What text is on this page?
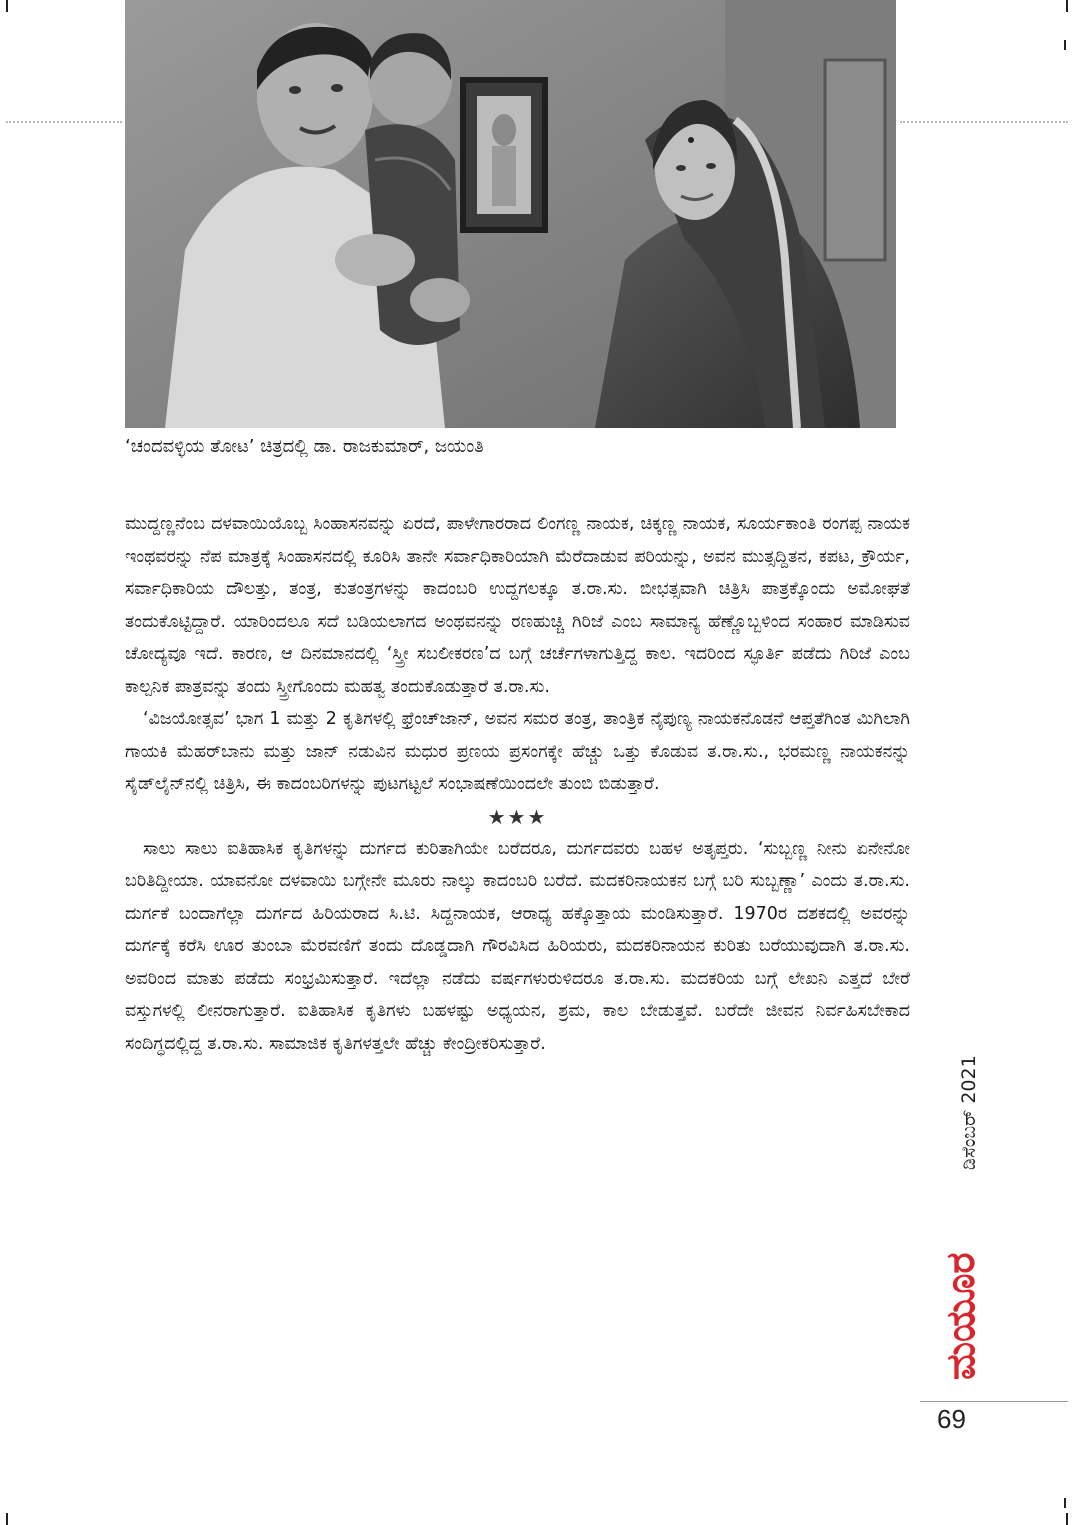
‘ಚಂದವಳ್ಳಿಯ ತೋಟ’ ಚಿತ್ರದಲ್ಲಿ ಡಾ. ರಾಜಕುಮಾರ್, ಜಯಂತಿ

ಮುದ್ದಣ್ಣನೆಂಬ ದಳವಾಯಿಯೊಬ್ಬ ಸಿಂಹಾಸನವನ್ನು ಏರದೆ, ಪಾಳೇಗಾರರಾದ ಲಿಂಗಣ್ಣ ನಾಯಕ, ಚಿಕ್ಕಣ್ಣ ನಾಯಕ, ಸೂರ್ಯಕಾಂತಿ ರಂಗಪ್ಪ ನಾಯಕ ಇಂಥವರನ್ನು ನೆಪ ಮಾತ್ರಕ್ಕೆ ಸಿಂಹಾಸನದಲ್ಲಿ ಕೂರಿಸಿ ತಾನೇ ಸರ್ವಾಧಿಕಾರಿಯಾಗಿ ಮೆರೆದಾಡುವ ಪರಿಯನ್ನು, ಅವನ ಮುತ್ಸದ್ದಿತನ, ಕಪಟ, ಕ್ರೌರ್ಯ, ಸರ್ವಾಧಿಕಾರಿಯ ದೌಲತ್ತು, ತಂತ್ರ, ಕುತಂತ್ರಗಳನ್ನು ಕಾದಂಬರಿ ಉದ್ದಗಲಕ್ಕೂ ತ.ರಾ.ಸು. ಬೀಭತ್ಸವಾಗಿ ಚಿತ್ರಿಸಿ ಪಾತ್ರಕ್ಕೊಂದು ಅಮೋಘತೆ ತಂದುಕೊಟ್ಟಿದ್ದಾರೆ. ಯಾರಿಂದಲೂ ಸದೆ ಬಡಿಯಲಾಗದ ಅಂಥವನನ್ನು ರಣಹುಚ್ಚಿ ಗಿರಿಜೆ ಎಂಬ ಸಾಮಾನ್ಯ ಹೆಣ್ಣೊಬ್ಬಳಿಂದ ಸಂಹಾರ ಮಾಡಿಸುವ ಚೋದ್ಯವೂ ಇದೆ. ಕಾರಣ, ಆ ದಿನಮಾನದಲ್ಲಿ ‘ಸ್ತ್ರೀ ಸಬಲೀಕರಣ’ದ ಬಗ್ಗೆ ಚರ್ಚೆಗಳಾಗುತ್ತಿದ್ದ ಕಾಲ. ಇದರಿಂದ ಸ್ಫೂರ್ತಿ ಪಡೆದು ಗಿರಿಜೆ ಎಂಬ ಕಾಲ್ಪನಿಕ ಪಾತ್ರವನ್ನು ತಂದು ಸ್ತ್ರೀಗೊಂದು ಮಹತ್ವ ತಂದುಕೊಡುತ್ತಾರೆ ತ.ರಾ.ಸು.

‘ವಿಜಯೋತ್ಸವ’ ಭಾಗ 1 ಮತ್ತು 2 ಕೃತಿಗಳಲ್ಲಿ ಫ್ರೆಂಚ್‌ಜಾನ್, ಅವನ ಸಮರ ತಂತ್ರ, ತಾಂತ್ರಿಕ ನೈಪುಣ್ಯ ನಾಯಕನೊಡನೆ ಆಪ್ತತೆಗಿಂತ ಮಿಗಿಲಾಗಿ ಗಾಯಕಿ ಮೆಹರ್‌ಬಾನು ಮತ್ತು ಜಾನ್ ನಡುವಿನ ಮಧುರ ಪ್ರಣಯ ಪ್ರಸಂಗಕ್ಕೇ ಹೆಚ್ಚು ಒತ್ತು ಕೊಡುವ ತ.ರಾ.ಸು., ಭರಮಣ್ಣ ನಾಯಕನನ್ನು ಸೈಡ್‌ಲೈನ್‌ನಲ್ಲಿ ಚಿತ್ರಿಸಿ, ಈ ಕಾದಂಬರಿಗಳನ್ನು ಪುಟಗಟ್ಟಲೆ ಸಂಭಾಷಣೆಯಿಂದಲೇ ತುಂಬಿ ಬಿಡುತ್ತಾರೆ.

★★★

ಸಾಲು ಸಾಲು ಐತಿಹಾಸಿಕ ಕೃತಿಗಳನ್ನು ದುರ್ಗದ ಕುರಿತಾಗಿಯೇ ಬರೆದರೂ, ದುರ್ಗದವರು ಬಹಳ ಅತೃಪ್ತರು. ‘ಸುಬ್ಬಣ್ಣ ನೀನು ಏನೇನೋ ಬರಿತಿದ್ದೀಯಾ. ಯಾವನೋ ದಳವಾಯಿ ಬಗ್ಗೇನೇ ಮೂರು ನಾಲ್ಕು ಕಾದಂಬರಿ ಬರೆದೆ. ಮದಕರಿನಾಯಕನ ಬಗ್ಗೆ ಬರಿ ಸುಬ್ಬಣ್ಣಾ’ ಎಂದು ತ.ರಾ.ಸು. ದುರ್ಗಕೆ ಬಂದಾಗೆಲ್ಲಾ ದುರ್ಗದ ಹಿರಿಯರಾದ ಸಿ.ಟಿ. ಸಿದ್ದನಾಯಕ, ಆರಾಧ್ಯ ಹಕ್ಕೊತ್ತಾಯ ಮಂಡಿಸುತ್ತಾರೆ. 1970ರ ದಶಕದಲ್ಲಿ ಅವರನ್ನು ದುರ್ಗಕ್ಕೆ ಕರೆಸಿ ಊರ ತುಂಬಾ ಮೆರವಣಿಗೆ ತಂದು ದೊಡ್ಡದಾಗಿ ಗೌರವಿಸಿದ ಹಿರಿಯರು, ಮದಕರಿನಾಯನ ಕುರಿತು ಬರೆಯುವುದಾಗಿ ತ.ರಾ.ಸು. ಅವರಿಂದ ಮಾತು ಪಡೆದು ಸಂಭ್ರಮಿಸುತ್ತಾರೆ. ಇದೆಲ್ಲಾ ನಡೆದು ವರ್ಷಗಳುರುಳಿದರೂ ತ.ರಾ.ಸು. ಮದಕರಿಯ ಬಗ್ಗೆ ಲೇಖನಿ ಎತ್ತದೆ ಬೇರೆ ವಸ್ತುಗಳಲ್ಲಿ ಲೀನರಾಗುತ್ತಾರೆ. ಐತಿಹಾಸಿಕ ಕೃತಿಗಳು ಬಹಳಷ್ಟು ಅಧ್ಯಯನ, ಶ್ರಮ, ಕಾಲ ಬೇಡುತ್ತವೆ. ಬರೆದೇ ಜೀವನ ನಿರ್ವಹಿಸಬೇಕಾದ ಸಂದಿಗ್ಧದಲ್ಲಿದ್ದ ತ.ರಾ.ಸು. ಸಾಮಾಜಿಕ ಕೃತಿಗಳತ್ತಲೇ ಹೆಚ್ಚು ಕೇಂದ್ರೀಕರಿಸುತ್ತಾರೆ.

ಡಿಸೆಂಬರ್ 2021
ಮಯೂರ
69
